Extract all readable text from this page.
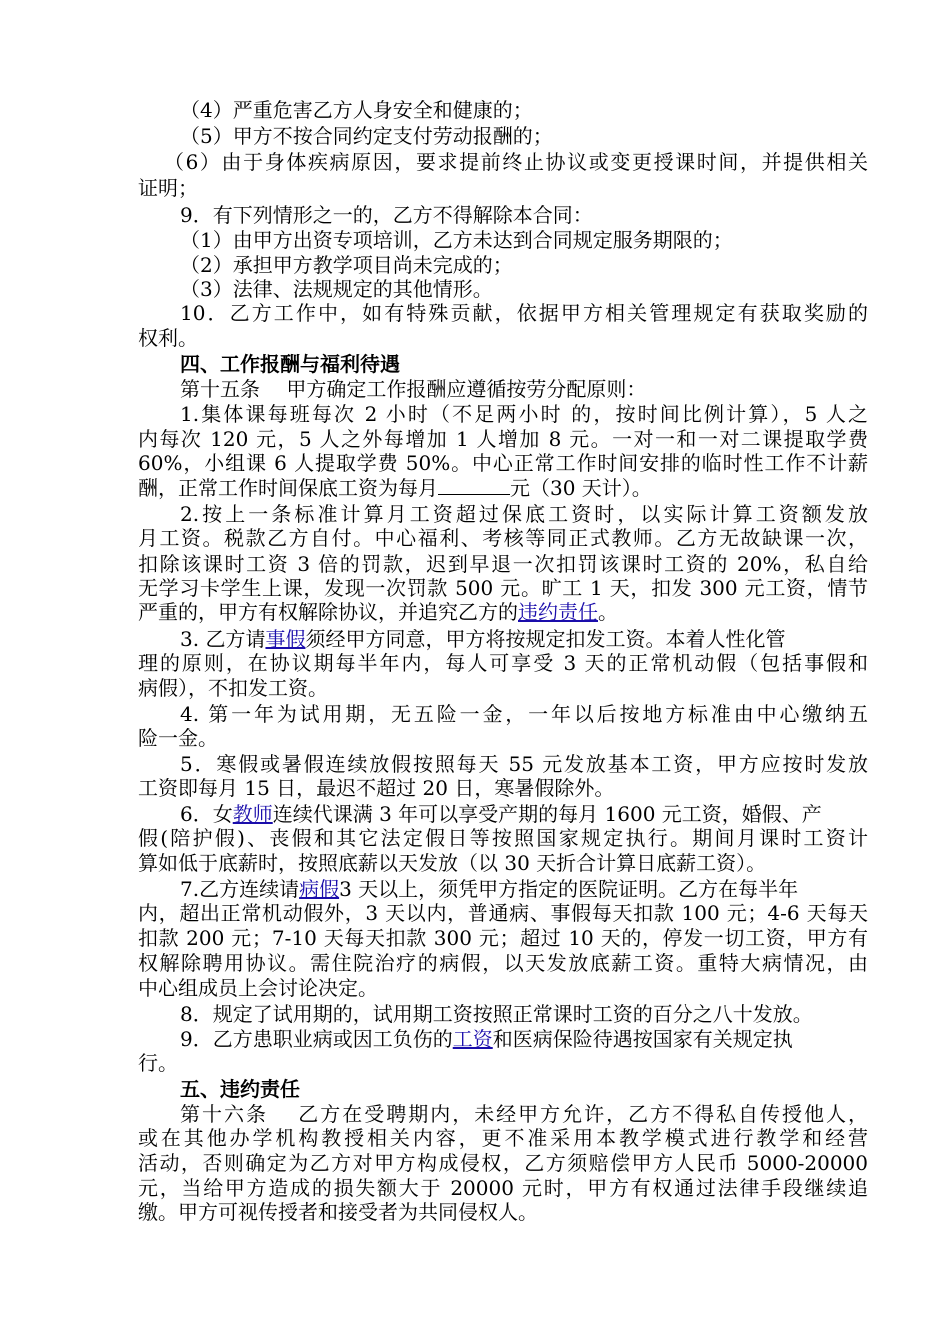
（4）严重危害乙方人身安全和健康的；
（5）甲方不按合同约定支付劳动报酬的；
（6）由于身体疾病原因，要求提前终止协议或变更授课时间，并提供相关
证明；
9．有下列情形之一的，乙方不得解除本合同：
（1）由甲方出资专项培训，乙方未达到合同规定服务期限的；
（2）承担甲方教学项目尚未完成的；
（3）法律、法规规定的其他情形。
10．乙方工作中，如有特殊贡献，依据甲方相关管理规定有获取奖励的
权利。
四、工作报酬与福利待遇
第十五条　 甲方确定工作报酬应遵循按劳分配原则：
1.集体课每班每次 2 小时（不足两小时 的，按时间比例计算），5 人之
内每次 120 元，5 人之外每增加 1 人增加 8 元。一对一和一对二课提取学费
60%，小组课 6 人提取学费 50%。中心正常工作时间安排的临时性工作不计薪
酬，正常工作时间保底工资为每月	元（30 天计）。
2.按上一条标准计算月工资超过保底工资时，以实际计算工资额发放
月工资。税款乙方自付。中心福利、考核等同正式教师。乙方无故缺课一次，
扣除该课时工资 3 倍的罚款，迟到早退一次扣罚该课时工资的 20%，私自给
无学习卡学生上课，发现一次罚款 500 元。旷工 1 天，扣发 300 元工资，情节
严重的，甲方有权解除协议，并追究乙方的违约责任。
3. 乙方请事假须经甲方同意，甲方将按规定扣发工资。本着人性化管
理的原则，在协议期每半年内，每人可享受 3 天的正常机动假（包括事假和
病假），不扣发工资。
4. 第一年为试用期，无五险一金，一年以后按地方标准由中心缴纳五
险一金。
5．寒假或暑假连续放假按照每天 55 元发放基本工资，甲方应按时发放
工资即每月 15 日，最迟不超过 20 日，寒暑假除外。
6．女教师连续代课满 3 年可以享受产期的每月 1600 元工资，婚假、产
假(陪护假)、丧假和其它法定假日等按照国家规定执行。期间月课时工资计
算如低于底薪时，按照底薪以天发放（以 30 天折合计算日底薪工资）。
7.乙方连续请病假3 天以上，须凭甲方指定的医院证明。乙方在每半年
内，超出正常机动假外，3 天以内，普通病、事假每天扣款 100 元；4-6 天每天
扣款 200 元；7-10 天每天扣款 300 元；超过 10 天的，停发一切工资，甲方有
权解除聘用协议。需住院治疗的病假，以天发放底薪工资。重特大病情况，由
中心组成员上会讨论决定。
8．规定了试用期的，试用期工资按照正常课时工资的百分之八十发放。
9．乙方患职业病或因工负伤的工资和医病保险待遇按国家有关规定执
行。
五、违约责任
第十六条　 乙方在受聘期内，未经甲方允许，乙方不得私自传授他人，
或在其他办学机构教授相关内容，更不准采用本教学模式进行教学和经营
活动，否则确定为乙方对甲方构成侵权，乙方须赔偿甲方人民币 5000-20000
元，当给甲方造成的损失额大于 20000 元时，甲方有权通过法律手段继续追
缴。甲方可视传授者和接受者为共同侵权人。
